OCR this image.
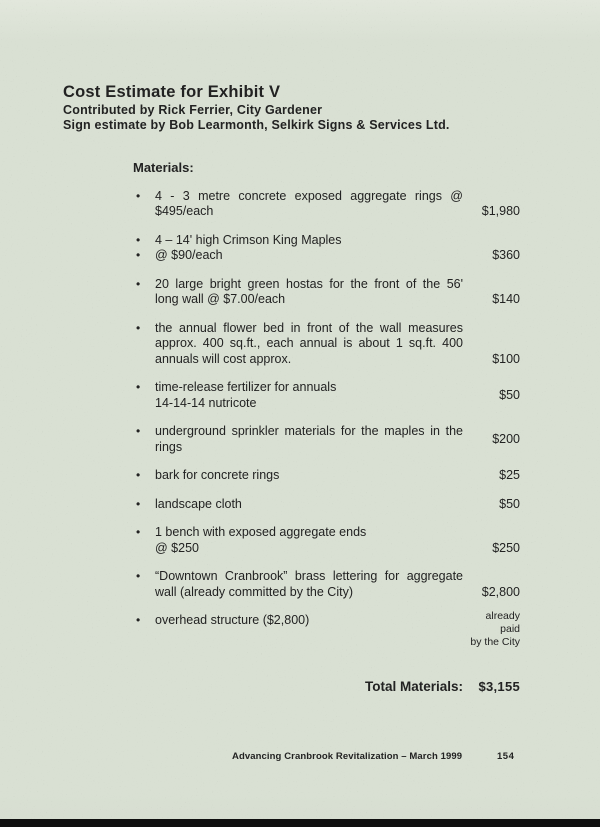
Cost Estimate for Exhibit V
Contributed by Rick Ferrier, City Gardener
Sign estimate by Bob Learmonth, Selkirk Signs & Services Ltd.
Materials:
•	4 - 3 metre concrete exposed aggregate rings @
$495/each	$1,980
•	4 – 14' high Crimson King Maples
•	@ $90/each	$360
•	20 large bright green hostas for the front of the 56'
long wall @ $7.00/each	$140
•	the annual flower bed in front of the wall measures
approx. 400 sq.ft., each annual is about 1 sq.ft. 400
annuals will cost approx.	$100
•	time-release fertilizer for annuals
14-14-14 nutricote
$50
•	underground sprinkler materials for the maples in the
rings
$200
•	bark for concrete rings	$25
•	landscape cloth	$50
•	1 bench with exposed aggregate ends
@ $250	$250
•	“Downtown Cranbrook” brass lettering for aggregate
wall (already committed by the City)	$2,800
•	overhead structure ($2,800)	already paid
by the City
Total Materials:	$3,155
Advancing Cranbrook Revitalization – March 1999	154
